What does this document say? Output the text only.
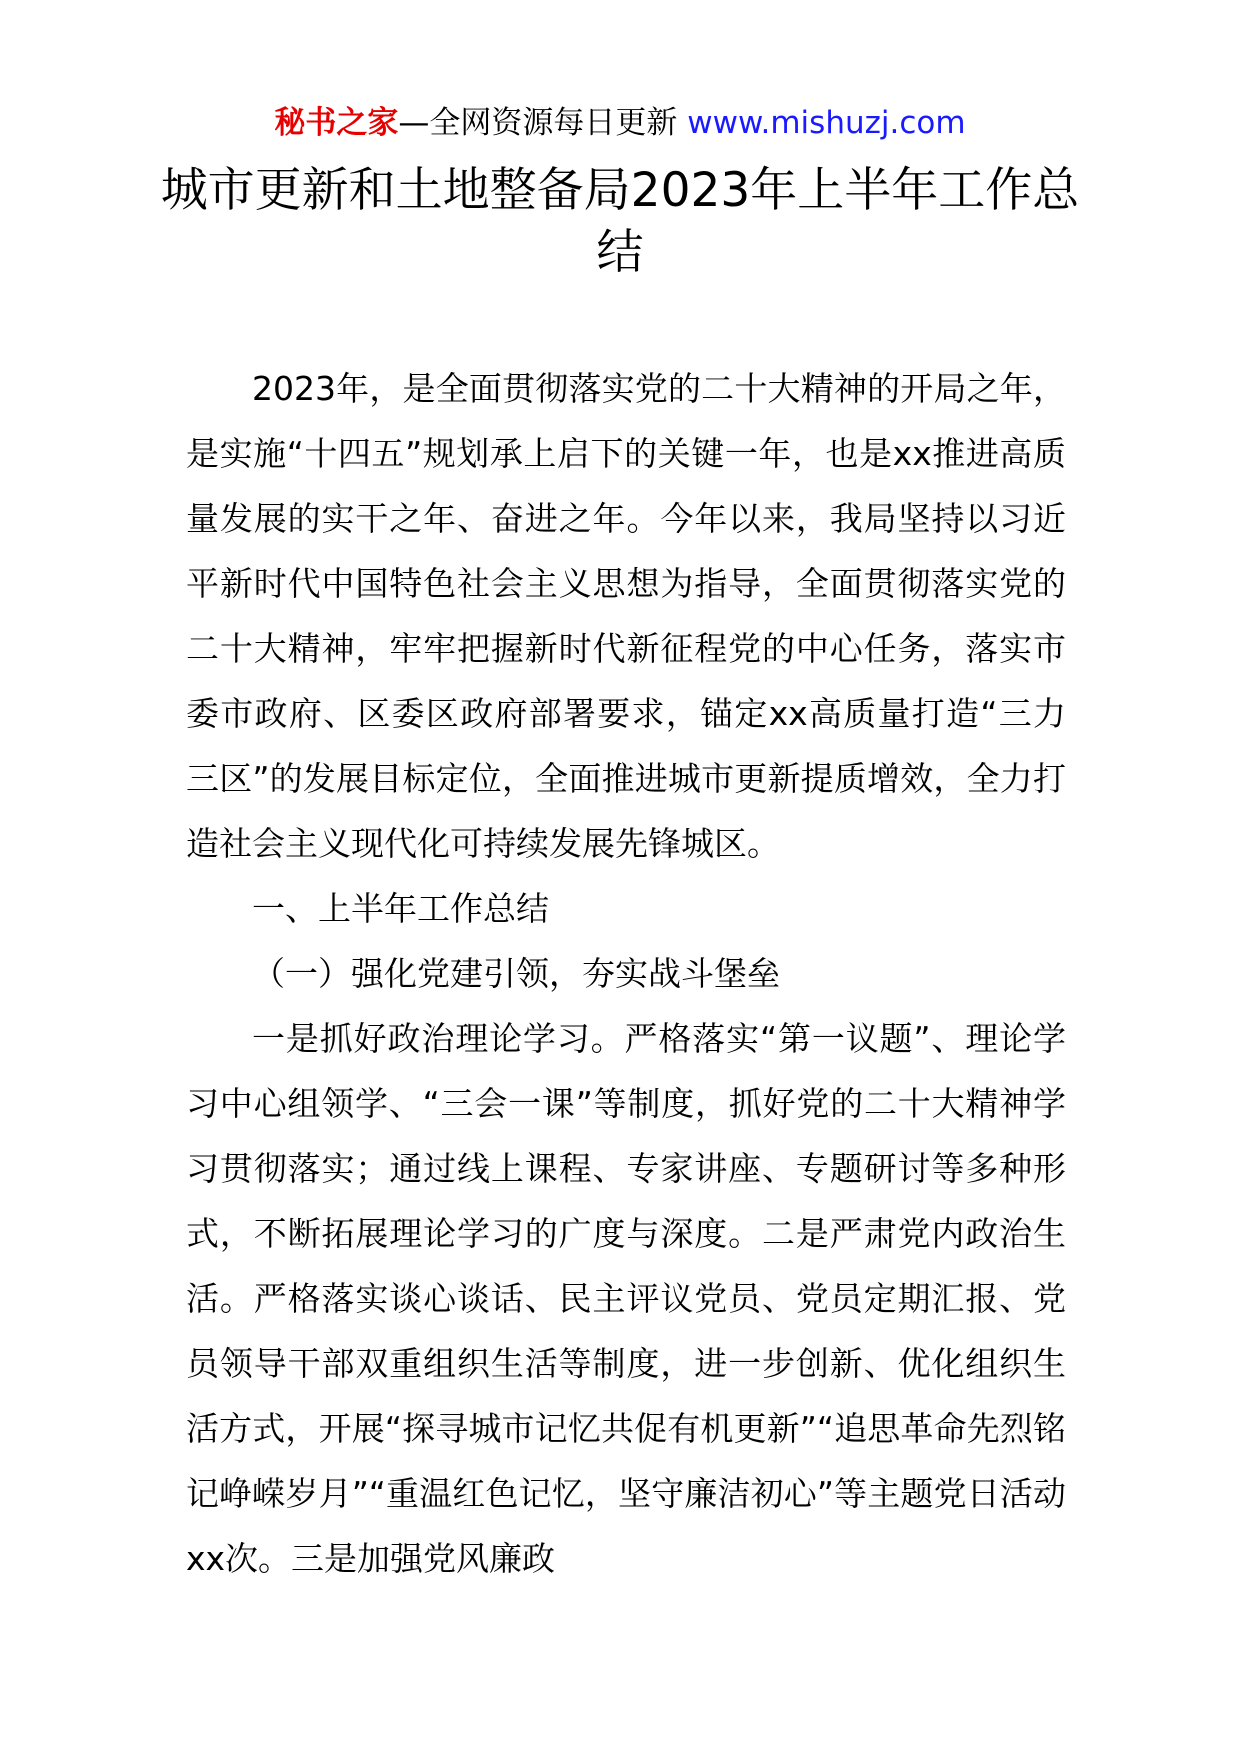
秘书之家—全网资源每日更新 www.mishuzj.com
城市更新和土地整备局2023年上半年工作总结

2023年，是全面贯彻落实党的二十大精神的开局之年，是实施“十四五”规划承上启下的关键一年，也是xx推进高质量发展的实干之年、奋进之年。今年以来，我局坚持以习近平新时代中国特色社会主义思想为指导，全面贯彻落实党的二十大精神，牢牢把握新时代新征程党的中心任务，落实市委市政府、区委区政府部署要求，锚定xx高质量打造“三力三区”的发展目标定位，全面推进城市更新提质增效，全力打造社会主义现代化可持续发展先锋城区。

一、上半年工作总结

（一）强化党建引领，夯实战斗堡垒

一是抓好政治理论学习。严格落实“第一议题”、理论学习中心组领学、“三会一课”等制度，抓好党的二十大精神学习贯彻落实；通过线上课程、专家讲座、专题研讨等多种形式，不断拓展理论学习的广度与深度。二是严肃党内政治生活。严格落实谈心谈话、民主评议党员、党员定期汇报、党员领导干部双重组织生活等制度，进一步创新、优化组织生活方式，开展“探寻城市记忆共促有机更新”“追思革命先烈铭记峥嵘岁月”“重温红色记忆，坚守廉洁初心”等主题党日活动xx次。三是加强党风廉政
